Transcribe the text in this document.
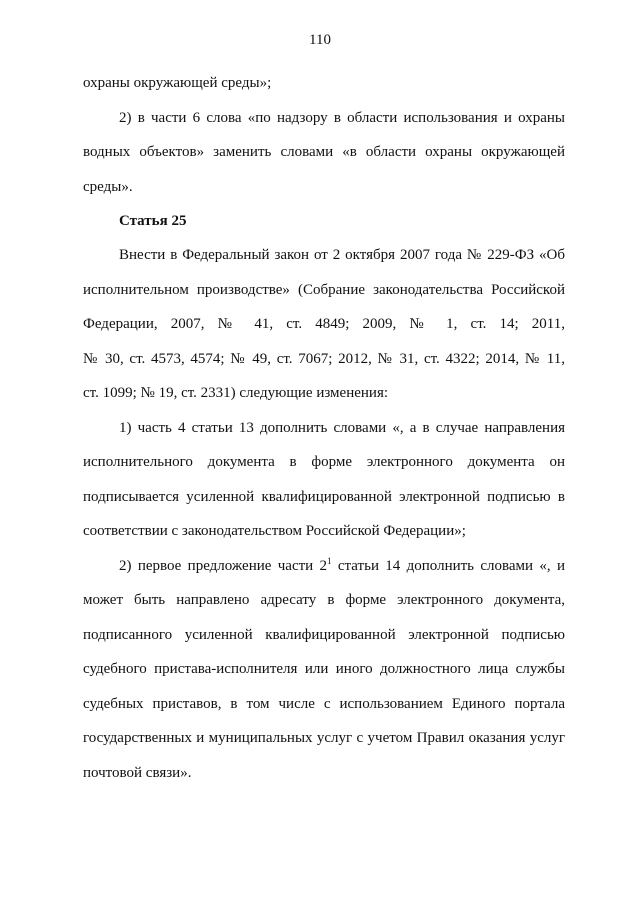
110
охраны окружающей среды»;
2) в части 6 слова «по надзору в области использования и охраны
водных объектов» заменить словами «в области охраны окружающей
среды».
Статья 25
Внести в Федеральный закон от 2 октября 2007 года № 229-ФЗ «Об
исполнительном производстве» (Собрание законодательства Российской
Федерации, 2007, № 41, ст. 4849; 2009, № 1, ст. 14; 2011,
№ 30, ст. 4573, 4574; № 49, ст. 7067; 2012, № 31, ст. 4322; 2014, № 11,
ст. 1099; № 19, ст. 2331) следующие изменения:
1) часть 4 статьи 13 дополнить словами «, а в случае направления
исполнительного документа в форме электронного документа он
подписывается усиленной квалифицированной электронной подписью в
соответствии с законодательством Российской Федерации»;
2) первое предложение части $2^1$ статьи 14 дополнить словами «, и
может быть направлено адресату в форме электронного документа,
подписанного усиленной квалифицированной электронной подписью
судебного пристава-исполнителя или иного должностного лица службы
судебных приставов, в том числе с использованием Единого портала
государственных и муниципальных услуг с учетом Правил оказания услуг
почтовой связи».
